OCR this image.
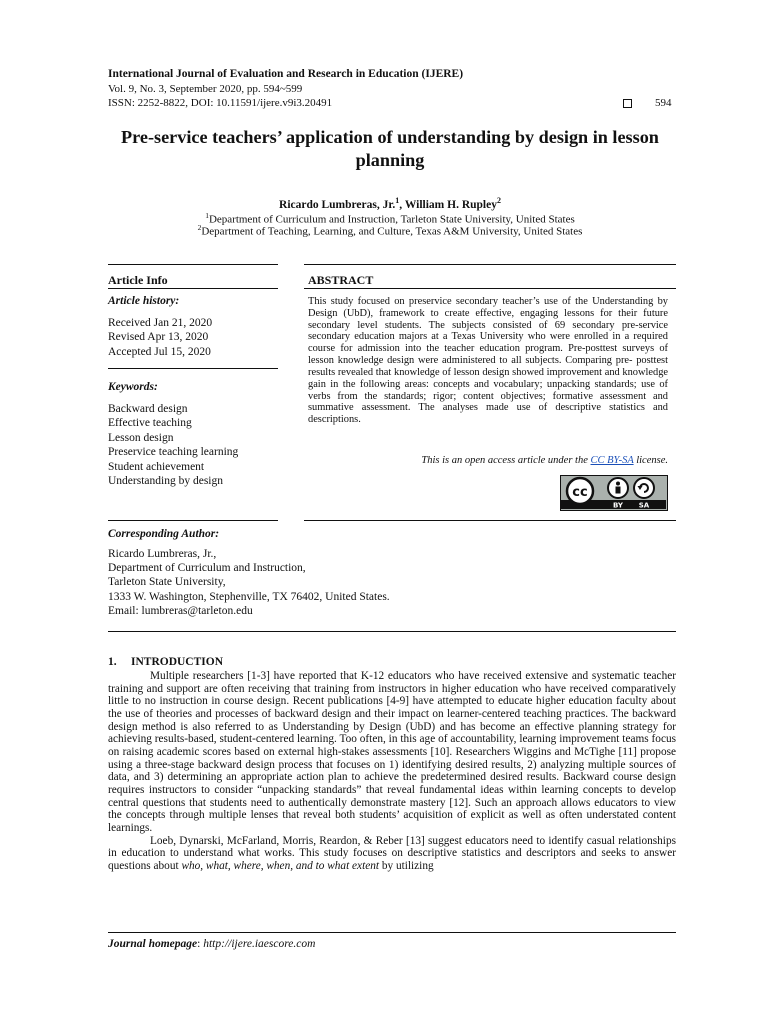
International Journal of Evaluation and Research in Education (IJERE)
Vol. 9, No. 3, September 2020, pp. 594~599
ISSN: 2252-8822, DOI: 10.11591/ijere.v9i3.20491	594
Pre-service teachers’ application of understanding by design in lesson planning
Ricardo Lumbreras, Jr.$^1$, William H. Rupley$^2$
$^1$Department of Curriculum and Instruction, Tarleton State University, United States
$^2$Department of Teaching, Learning, and Culture, Texas A&M University, United States
Article Info
Article history:
Received Jan 21, 2020
Revised Apr 13, 2020
Accepted Jul 15, 2020
Keywords:
Backward design
Effective teaching
Lesson design
Preservice teaching learning
Student achievement
Understanding by design
ABSTRACT
This study focused on preservice secondary teacher’s use of the Understanding by Design (UbD), framework to create effective, engaging lessons for their future secondary level students. The subjects consisted of 69 secondary pre-service secondary education majors at a Texas University who were enrolled in a required course for admission into the teacher education program. Pre-posttest surveys of lesson knowledge design were administered to all subjects. Comparing pre- posttest results revealed that knowledge of lesson design showed improvement and knowledge gain in the following areas: concepts and vocabulary; unpacking standards; use of verbs from the standards; rigor; content objectives; formative assessment and summative assessment. The analyses made use of descriptive statistics and descriptions.
This is an open access article under the CC BY-SA license.
cc
BY SA
Corresponding Author:
Ricardo Lumbreras, Jr.,
Department of Curriculum and Instruction,
Tarleton State University,
1333 W. Washington, Stephenville, TX 76402, United States.
Email: lumbreras@tarleton.edu
1.     INTRODUCTION

Multiple researchers [1-3] have reported that K-12 educators who have received extensive and systematic teacher training and support are often receiving that training from instructors in higher education who have received comparatively little to no instruction in course design. Recent publications [4-9] have attempted to educate higher education faculty about the use of theories and processes of backward design and their impact on learner-centered teaching practices. The backward design method is also referred to as Understanding by Design (UbD) and has become an effective planning strategy for achieving results-based, student-centered learning. Too often, in this age of accountability, learning improvement teams focus on raising academic scores based on external high-stakes assessments [10]. Researchers Wiggins and McTighe [11] propose using a three-stage backward design process that focuses on 1) identifying desired results, 2) analyzing multiple sources of data, and 3) determining an appropriate action plan to achieve the predetermined desired results. Backward course design requires instructors to consider “unpacking standards” that reveal fundamental ideas within learning concepts to develop central questions that students need to authentically demonstrate mastery [12]. Such an approach allows educators to view the concepts through multiple lenses that reveal both students’ acquisition of explicit as well as often understated content learnings.

Loeb, Dynarski, McFarland, Morris, Reardon, & Reber [13] suggest educators need to identify casual relationships in education to understand what works. This study focuses on descriptive statistics and descriptors and seeks to answer questions about who, what, where, when, and to what extent by utilizing

Journal homepage: http://ijere.iaescore.com
